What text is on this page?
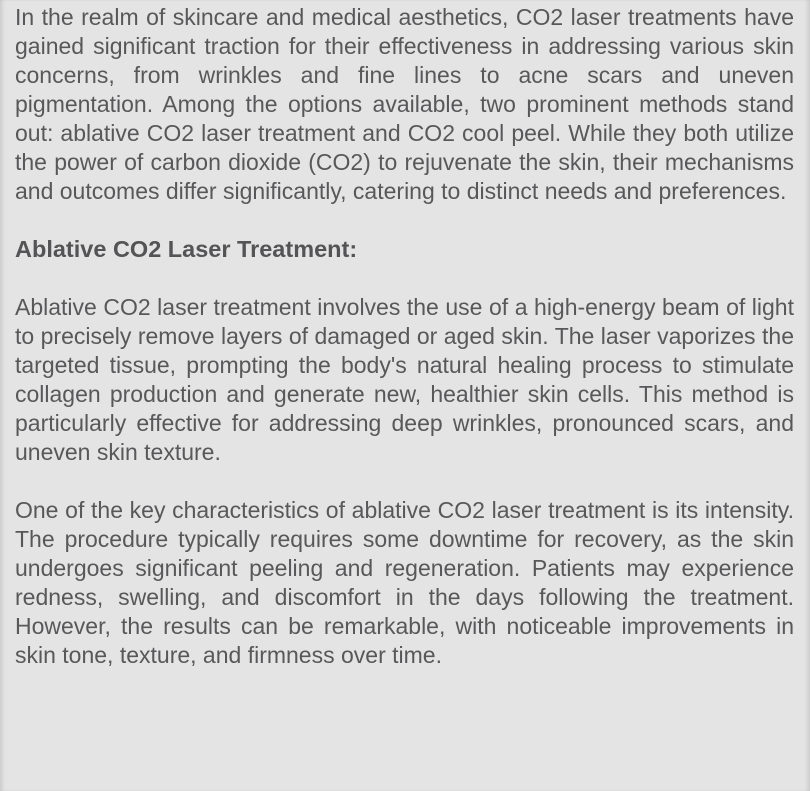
In the realm of skincare and medical aesthetics, CO2 laser treatments have gained significant traction for their effectiveness in addressing various skin concerns, from wrinkles and fine lines to acne scars and uneven pigmentation. Among the options available, two prominent methods stand out: ablative CO2 laser treatment and CO2 cool peel. While they both utilize the power of carbon dioxide (CO2) to rejuvenate the skin, their mechanisms and outcomes differ significantly, catering to distinct needs and preferences.

Ablative CO2 Laser Treatment:

Ablative CO2 laser treatment involves the use of a high-energy beam of light to precisely remove layers of damaged or aged skin. The laser vaporizes the targeted tissue, prompting the body's natural healing process to stimulate collagen production and generate new, healthier skin cells. This method is particularly effective for addressing deep wrinkles, pronounced scars, and uneven skin texture.

One of the key characteristics of ablative CO2 laser treatment is its intensity. The procedure typically requires some downtime for recovery, as the skin undergoes significant peeling and regeneration. Patients may experience redness, swelling, and discomfort in the days following the treatment. However, the results can be remarkable, with noticeable improvements in skin tone, texture, and firmness over time.
